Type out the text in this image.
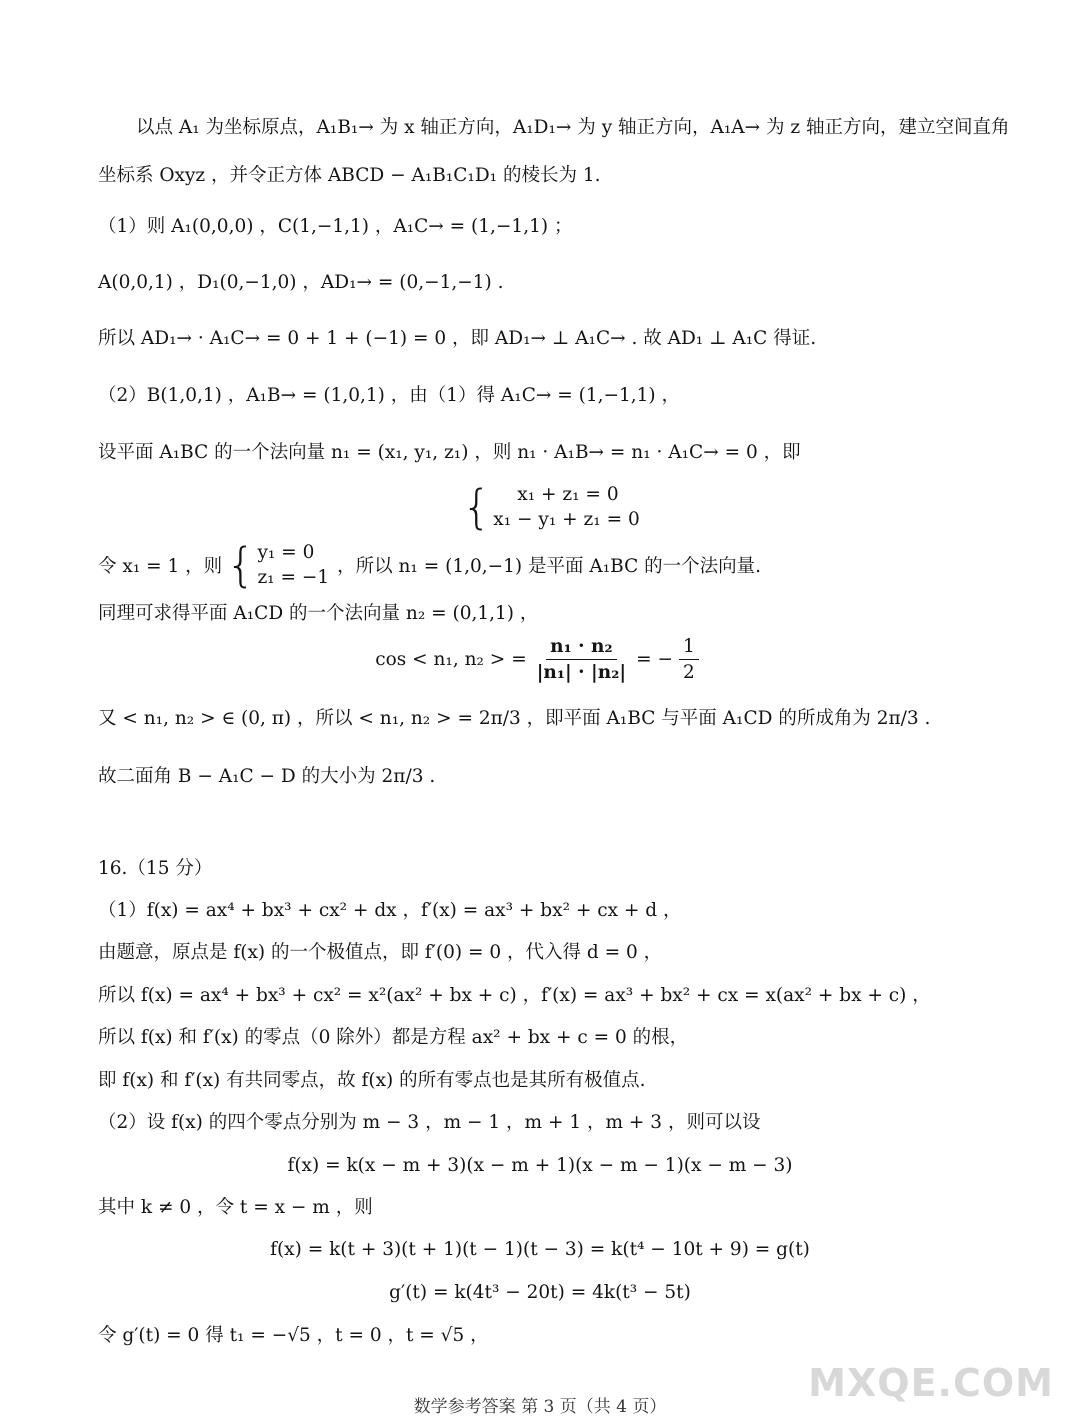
以点 A₁ 为坐标原点，A₁B₁→ 为 x 轴正方向，A₁D₁→ 为 y 轴正方向，A₁A→ 为 z 轴正方向，建立空间直角
坐标系 Oxyz ，并令正方体 ABCD − A₁B₁C₁D₁ 的棱长为 1.
（1）则 A₁(0,0,0) ，C(1,−1,1) ，A₁C→ = (1,−1,1) ；
A(0,0,1) ，D₁(0,−1,0) ，AD₁→ = (0,−1,−1) .
所以 AD₁→ · A₁C→ = 0 + 1 + (−1) = 0 ，即 AD₁→ ⊥ A₁C→ . 故 AD₁ ⊥ A₁C 得证.
（2）B(1,0,1) ，A₁B→ = (1,0,1) ，由（1）得 A₁C→ = (1,−1,1) ，
设平面 A₁BC 的一个法向量 n₁ = (x₁, y₁, z₁) ，则 n₁ · A₁B→ = n₁ · A₁C→ = 0 ，即
{	x₁ + z₁ = 0
x₁ − y₁ + z₁ = 0
令 x₁ = 1 ，则 { y₁ = 0
z₁ = −1
，所以 n₁ = (1,0,−1) 是平面 A₁BC 的一个法向量.
同理可求得平面 A₁CD 的一个法向量 n₂ = (0,1,1) ，
cos < n₁, n₂ > = $\frac{\text{n₁ · n₂}}{\text{|n₁| · |n₂|}}$ = − $\frac{1}{2}$
又 < n₁, n₂ > ∈ (0, π) ，所以 < n₁, n₂ > = 2π/3 ，即平面 A₁BC 与平面 A₁CD 的所成角为 2π/3 .
故二面角 B − A₁C − D 的大小为 2π/3 .
16.（15 分）
（1）f(x) = ax⁴ + bx³ + cx² + dx ，f′(x) = ax³ + bx² + cx + d ，
由题意，原点是 f(x) 的一个极值点，即 f′(0) = 0 ，代入得 d = 0 ，
所以 f(x) = ax⁴ + bx³ + cx² = x²(ax² + bx + c) ，f′(x) = ax³ + bx² + cx = x(ax² + bx + c) ，
所以 f(x) 和 f′(x) 的零点（0 除外）都是方程 ax² + bx + c = 0 的根，
即 f(x) 和 f′(x) 有共同零点，故 f(x) 的所有零点也是其所有极值点.
（2）设 f(x) 的四个零点分别为 m − 3 ，m − 1 ，m + 1 ，m + 3 ，则可以设
f(x) = k(x − m + 3)(x − m + 1)(x − m − 1)(x − m − 3)
其中 k ≠ 0 ，令 t = x − m ，则
f(x) = k(t + 3)(t + 1)(t − 1)(t − 3) = k(t⁴ − 10t + 9) = g(t)
g′(t) = k(4t³ − 20t) = 4k(t³ − 5t)
令 g′(t) = 0 得 t₁ = −√5 ，t = 0 ，t = √5 ，
MXQE.COM
数学参考答案 第 3 页（共 4 页）
